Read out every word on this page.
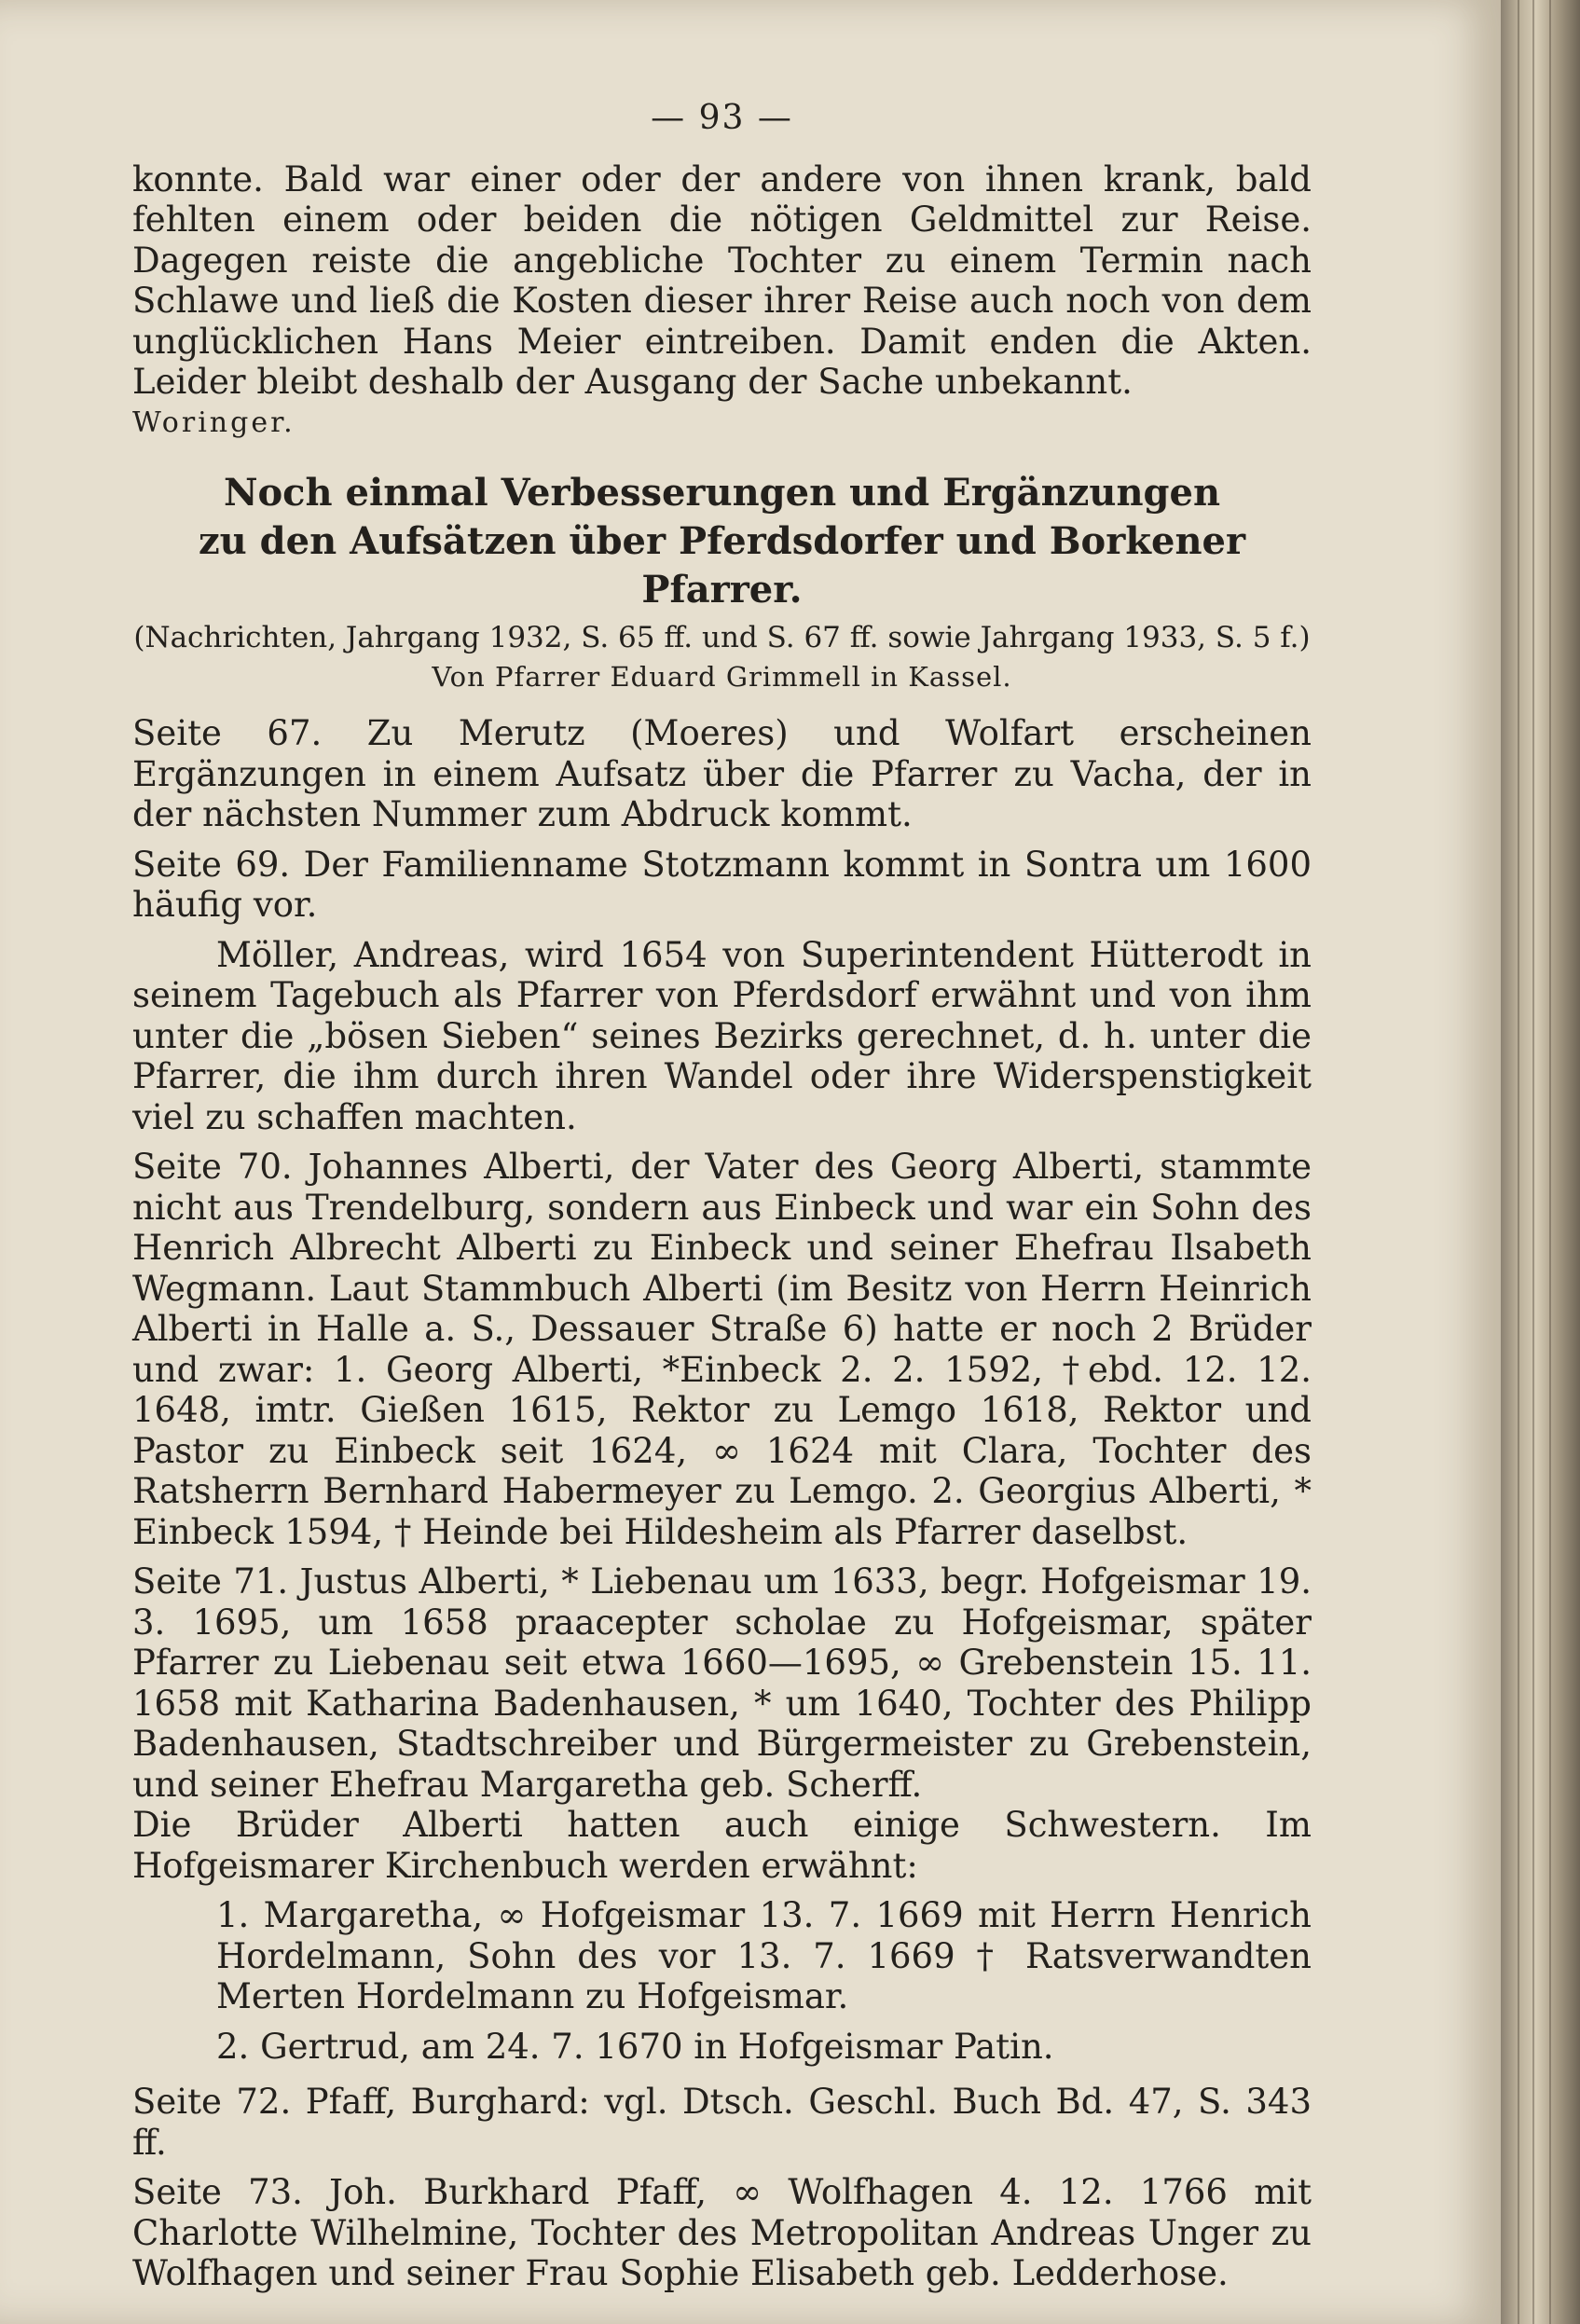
— 93 —

konnte. Bald war einer oder der andere von ihnen krank, bald fehlten einem oder beiden die nötigen Geldmittel zur Reise. Dagegen reiste die angebliche Tochter zu einem Termin nach Schlawe und ließ die Kosten dieser ihrer Reise auch noch von dem unglücklichen Hans Meier eintreiben. Damit enden die Akten. Leider bleibt deshalb der Ausgang der Sache unbekannt.

Woringer.

Noch einmal Verbesserungen und Ergänzungen
zu den Aufsätzen über Pferdsdorfer und Borkener Pfarrer.
(Nachrichten, Jahrgang 1932, S. 65 ff. und S. 67 ff. sowie Jahrgang 1933, S. 5 f.)
Von Pfarrer Eduard Grimmell in Kassel.

Seite 67. Zu Merutz (Moeres) und Wolfart erscheinen Ergänzungen in einem Aufsatz über die Pfarrer zu Vacha, der in der nächsten Nummer zum Abdruck kommt.

Seite 69. Der Familienname Stotzmann kommt in Sontra um 1600 häufig vor.

Möller, Andreas, wird 1654 von Superintendent Hütterodt in seinem Tagebuch als Pfarrer von Pferdsdorf erwähnt und von ihm unter die „bösen Sieben“ seines Bezirks gerechnet, d. h. unter die Pfarrer, die ihm durch ihren Wandel oder ihre Widerspenstigkeit viel zu schaffen machten.

Seite 70. Johannes Alberti, der Vater des Georg Alberti, stammte nicht aus Trendelburg, sondern aus Einbeck und war ein Sohn des Henrich Albrecht Alberti zu Einbeck und seiner Ehefrau Ilsabeth Wegmann. Laut Stammbuch Alberti (im Besitz von Herrn Heinrich Alberti in Halle a. S., Dessauer Straße 6) hatte er noch 2 Brüder und zwar: 1. Georg Alberti, *Einbeck 2. 2. 1592, †ebd. 12. 12. 1648, imtr. Gießen 1615, Rektor zu Lemgo 1618, Rektor und Pastor zu Einbeck seit 1624, ∞ 1624 mit Clara, Tochter des Ratsherrn Bernhard Habermeyer zu Lemgo. 2. Georgius Alberti, * Einbeck 1594, † Heinde bei Hildesheim als Pfarrer daselbst.

Seite 71. Justus Alberti, * Liebenau um 1633, begr. Hofgeismar 19. 3. 1695, um 1658 praacepter scholae zu Hofgeismar, später Pfarrer zu Liebenau seit etwa 1660—1695, ∞ Grebenstein 15. 11. 1658 mit Katharina Badenhausen, * um 1640, Tochter des Philipp Badenhausen, Stadtschreiber und Bürgermeister zu Grebenstein, und seiner Ehefrau Margaretha geb. Scherff.

Die Brüder Alberti hatten auch einige Schwestern. Im Hofgeismarer Kirchenbuch werden erwähnt:

1. Margaretha, ∞ Hofgeismar 13. 7. 1669 mit Herrn Henrich Hordelmann, Sohn des vor 13. 7. 1669 † Ratsverwandten Merten Hordelmann zu Hofgeismar.

2. Gertrud, am 24. 7. 1670 in Hofgeismar Patin.

Seite 72. Pfaff, Burghard: vgl. Dtsch. Geschl. Buch Bd. 47, S. 343 ff.

Seite 73. Joh. Burkhard Pfaff, ∞ Wolfhagen 4. 12. 1766 mit Charlotte Wilhelmine, Tochter des Metropolitan Andreas Unger zu Wolfhagen und seiner Frau Sophie Elisabeth geb. Ledderhose.
